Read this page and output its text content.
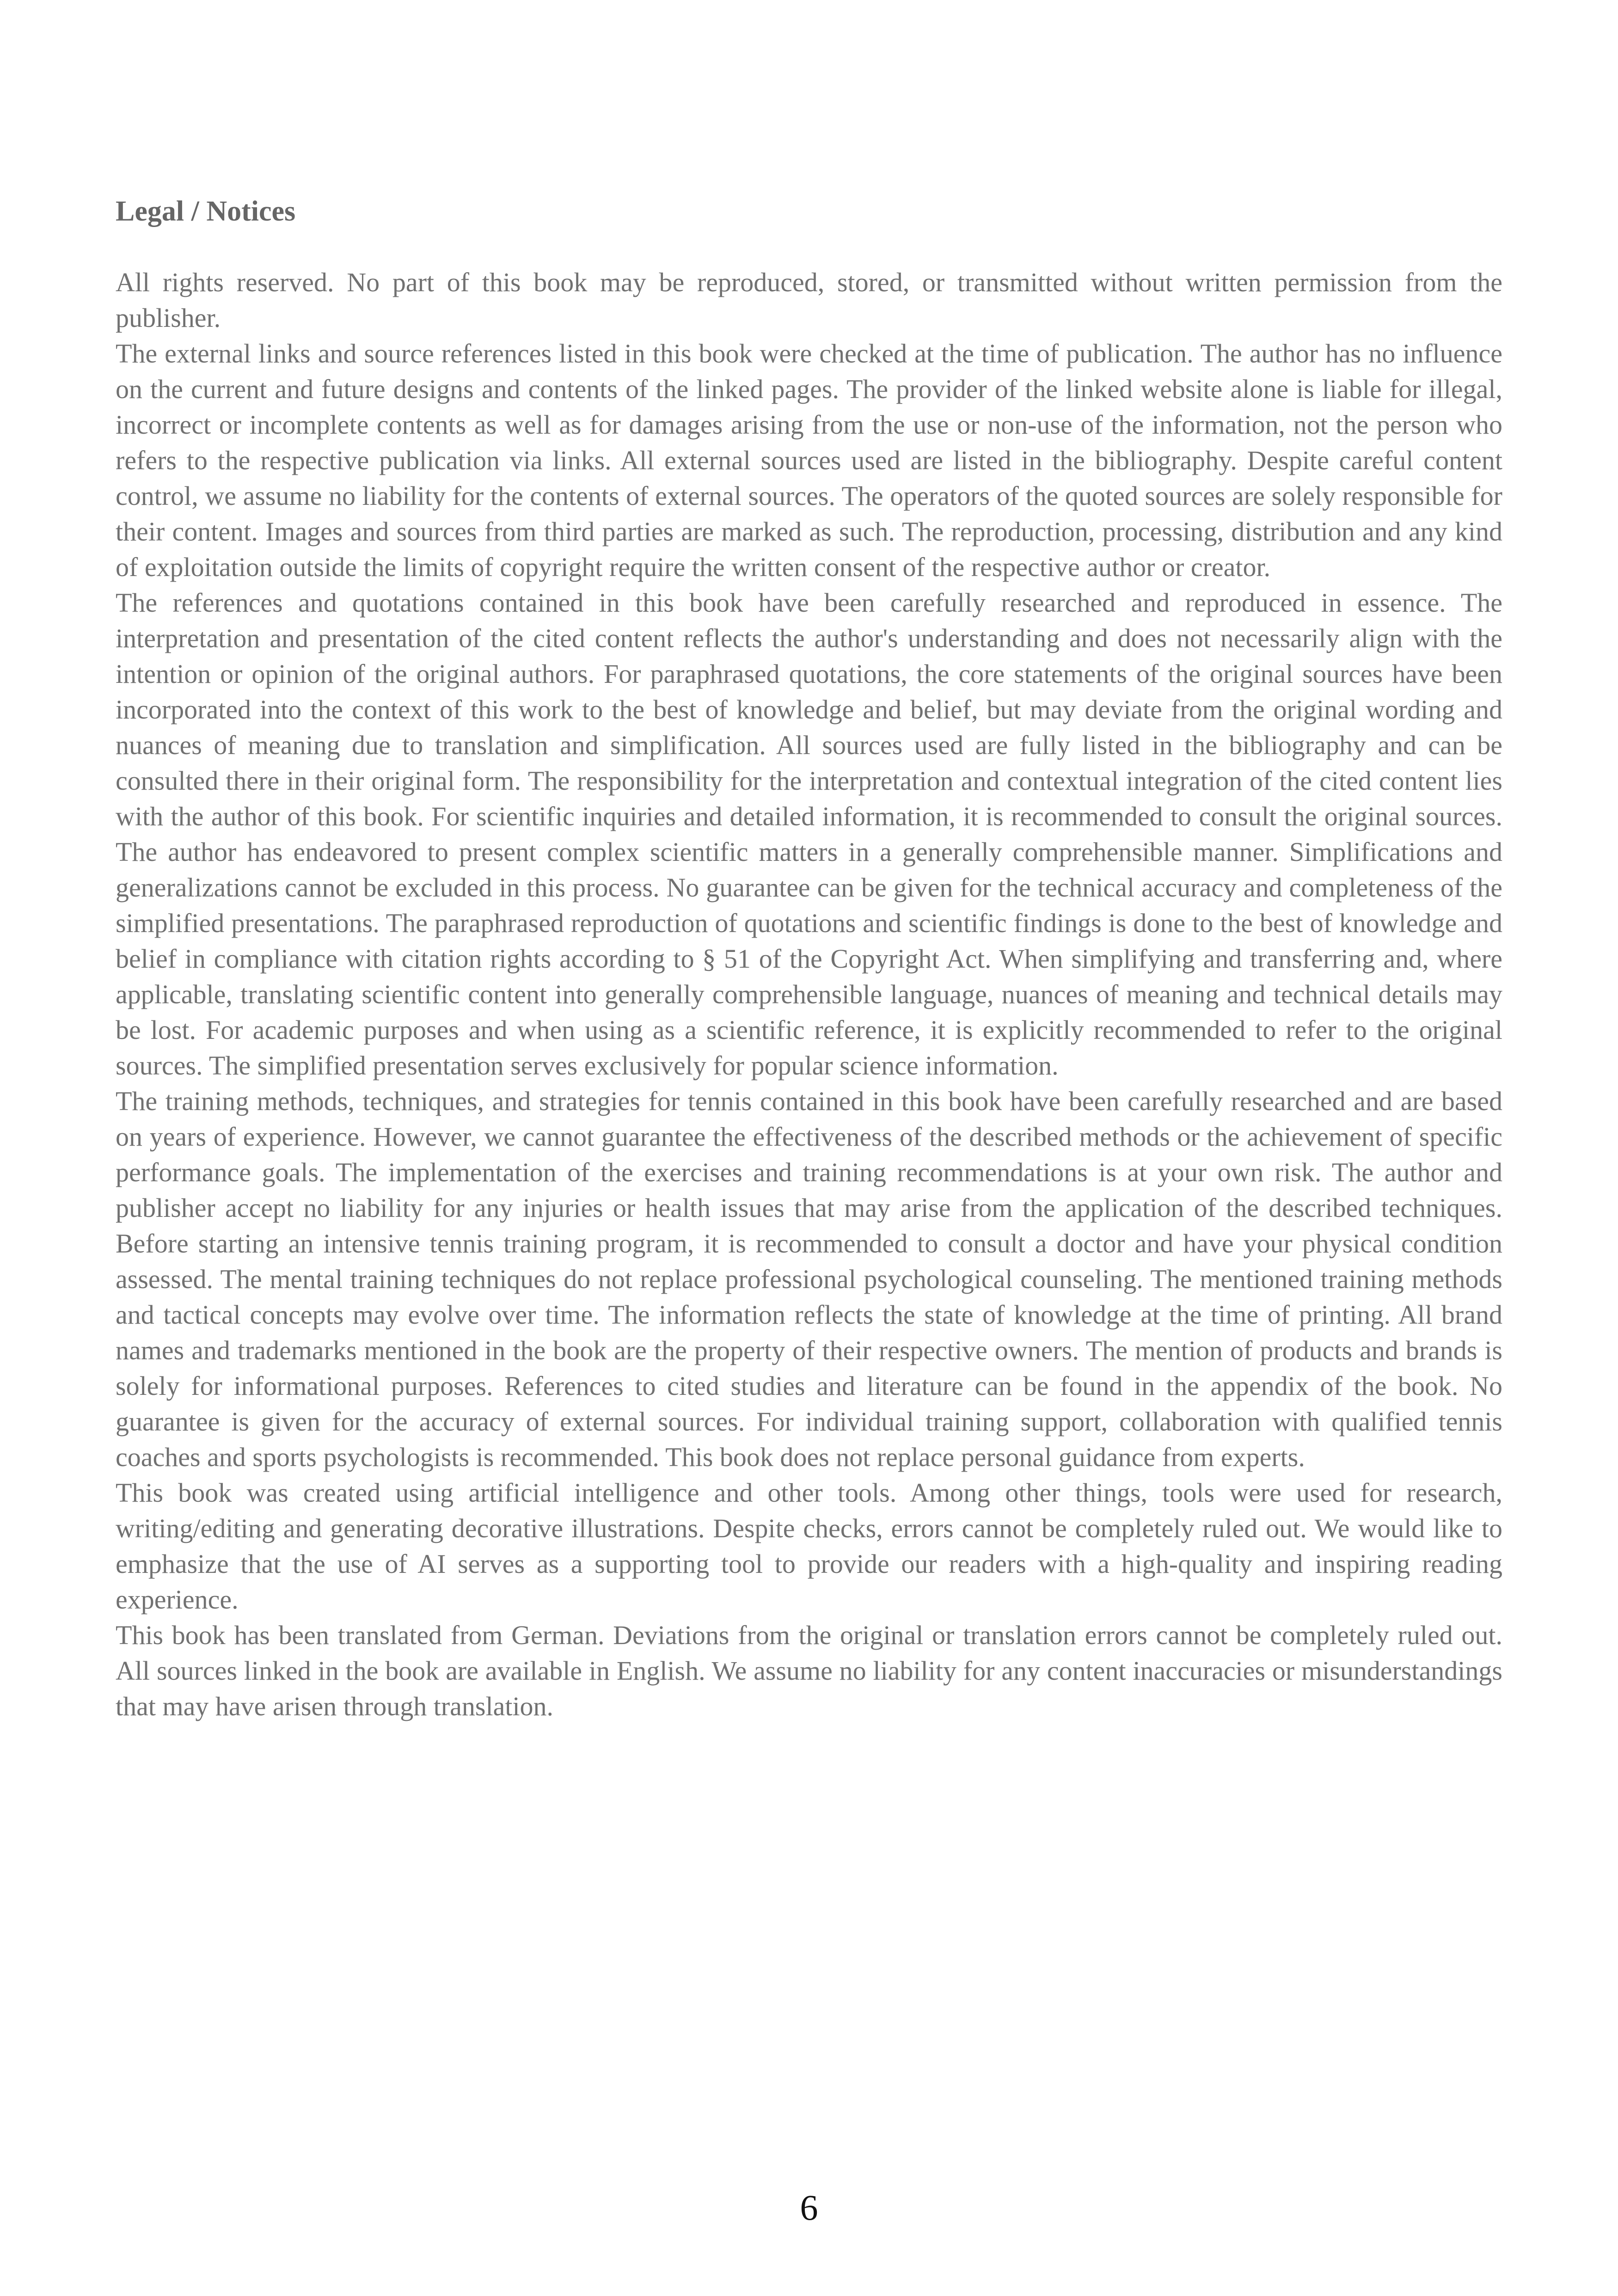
Legal / Notices

All rights reserved. No part of this book may be reproduced, stored, or transmitted without written permission from the publisher.

The external links and source references listed in this book were checked at the time of publication. The author has no influence on the current and future designs and contents of the linked pages. The provider of the linked website alone is liable for illegal, incorrect or incomplete contents as well as for damages arising from the use or non-use of the information, not the person who refers to the respective publication via links. All external sources used are listed in the bibliography. Despite careful content control, we assume no liability for the contents of external sources. The operators of the quoted sources are solely responsible for their content. Images and sources from third parties are marked as such. The reproduction, processing, distribution and any kind of exploitation outside the limits of copyright require the written consent of the respective author or creator.

The references and quotations contained in this book have been carefully researched and reproduced in essence. The interpretation and presentation of the cited content reflects the author's understanding and does not necessarily align with the intention or opinion of the original authors. For paraphrased quotations, the core statements of the original sources have been incorporated into the context of this work to the best of knowledge and belief, but may deviate from the original wording and nuances of meaning due to translation and simplification. All sources used are fully listed in the bibliography and can be consulted there in their original form. The responsibility for the interpretation and contextual integration of the cited content lies with the author of this book. For scientific inquiries and detailed information, it is recommended to consult the original sources. The author has endeavored to present complex scientific matters in a generally comprehensible manner. Simplifications and generalizations cannot be excluded in this process. No guarantee can be given for the technical accuracy and completeness of the simplified presentations. The paraphrased reproduction of quotations and scientific findings is done to the best of knowledge and belief in compliance with citation rights according to § 51 of the Copyright Act. When simplifying and transferring and, where applicable, translating scientific content into generally comprehensible language, nuances of meaning and technical details may be lost. For academic purposes and when using as a scientific reference, it is explicitly recommended to refer to the original sources. The simplified presentation serves exclusively for popular science information.

The training methods, techniques, and strategies for tennis contained in this book have been carefully researched and are based on years of experience. However, we cannot guarantee the effectiveness of the described methods or the achievement of specific performance goals. The implementation of the exercises and training recommendations is at your own risk. The author and publisher accept no liability for any injuries or health issues that may arise from the application of the described techniques. Before starting an intensive tennis training program, it is recommended to consult a doctor and have your physical condition assessed. The mental training techniques do not replace professional psychological counseling. The mentioned training methods and tactical concepts may evolve over time. The information reflects the state of knowledge at the time of printing. All brand names and trademarks mentioned in the book are the property of their respective owners. The mention of products and brands is solely for informational purposes. References to cited studies and literature can be found in the appendix of the book. No guarantee is given for the accuracy of external sources. For individual training support, collaboration with qualified tennis coaches and sports psychologists is recommended. This book does not replace personal guidance from experts.

This book was created using artificial intelligence and other tools. Among other things, tools were used for research, writing/editing and generating decorative illustrations. Despite checks, errors cannot be completely ruled out. We would like to emphasize that the use of AI serves as a supporting tool to provide our readers with a high-quality and inspiring reading experience.

This book has been translated from German. Deviations from the original or translation errors cannot be completely ruled out. All sources linked in the book are available in English. We assume no liability for any content inaccuracies or misunderstandings that may have arisen through translation.

6
